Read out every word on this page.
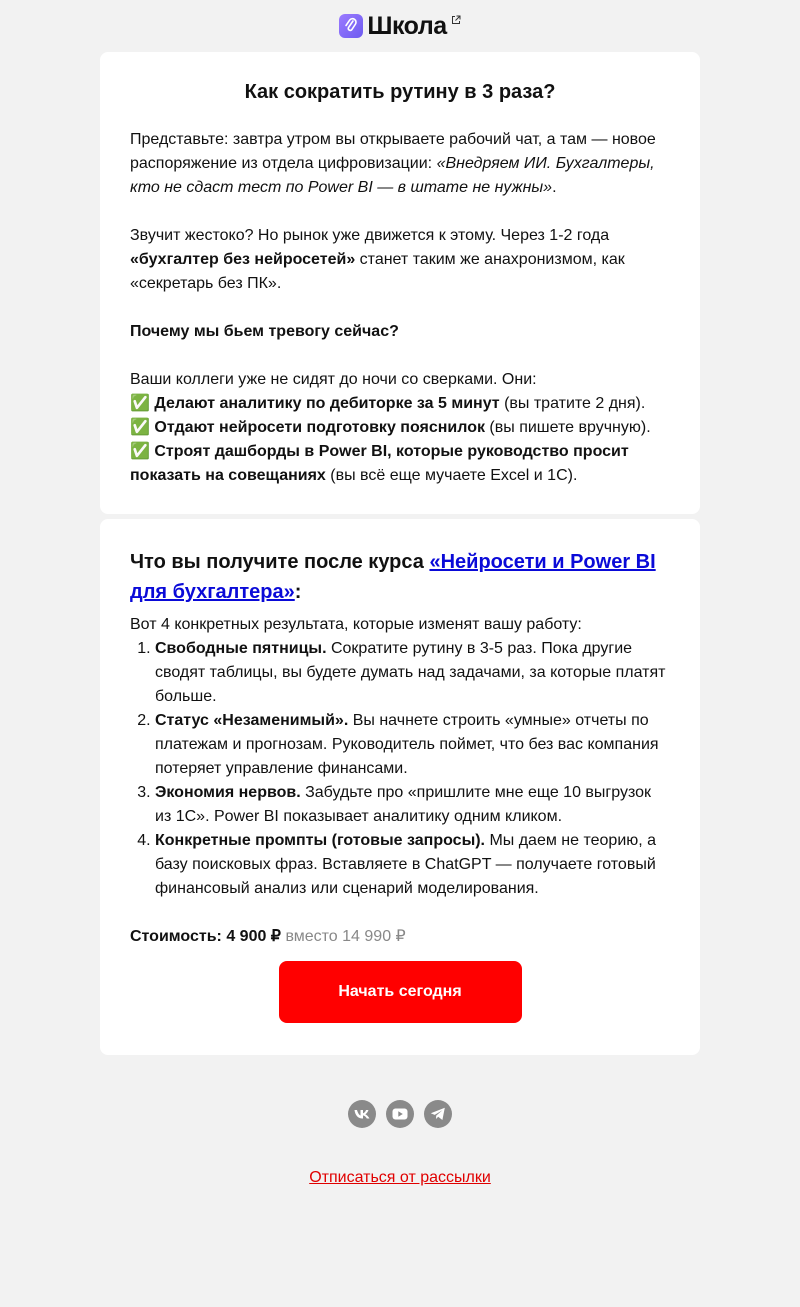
Школа
Как сократить рутину в 3 раза?

Представьте: завтра утром вы открываете рабочий чат, а там — новое распоряжение из отдела цифровизации: «Внедряем ИИ. Бухгалтеры, кто не сдаст тест по Power BI — в штате не нужны».

Звучит жестоко? Но рынок уже движется к этому. Через 1-2 года «бухгалтер без нейросетей» станет таким же анахронизмом, как «секретарь без ПК».

Почему мы бьем тревогу сейчас?

Ваши коллеги уже не сидят до ночи со сверками. Они:

✅ Делают аналитику по дебиторке за 5 минут (вы тратите 2 дня).

✅ Отдают нейросети подготовку пояснилок (вы пишете вручную).

✅ Строят дашборды в Power BI, которые руководство просит показать на совещаниях (вы всё еще мучаете Excel и 1С).

Что вы получите после курса «Нейросети и Power BI для бухгалтера»:

Вот 4 конкретных результата, которые изменят вашу работу:

1. Свободные пятницы. Сократите рутину в 3-5 раз. Пока другие сводят таблицы, вы будете думать над задачами, за которые платят больше.
2. Статус «Незаменимый». Вы начнете строить «умные» отчеты по платежам и прогнозам. Руководитель поймет, что без вас компания потеряет управление финансами.
3. Экономия нервов. Забудьте про «пришлите мне еще 10 выгрузок из 1С». Power BI показывает аналитику одним кликом.
4. Конкретные промпты (готовые запросы). Мы даем не теорию, а базу поисковых фраз. Вставляете в ChatGPT — получаете готовый финансовый анализ или сценарий моделирования.
Стоимость: 4 900 ₽ вместо 14 990 ₽
Начать сегодня
Отписаться от рассылки
